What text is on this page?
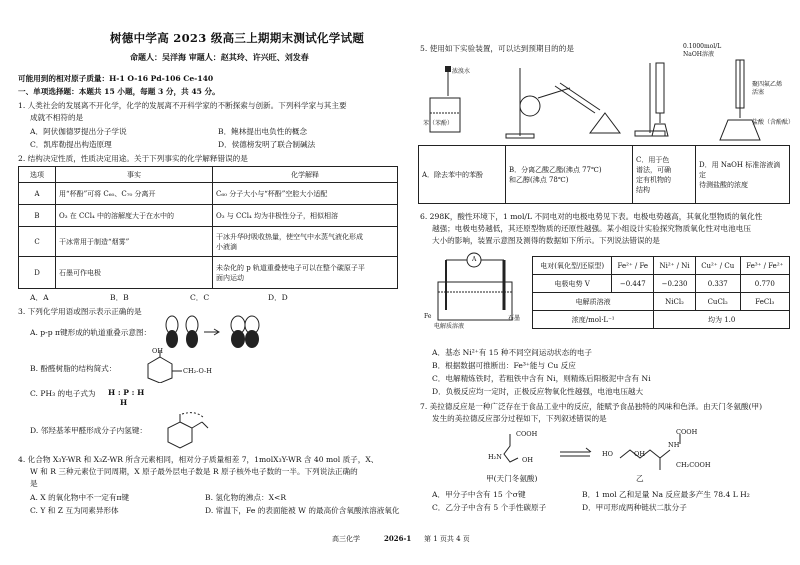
树德中学高 2023 级高三上期期末测试化学试题
命题人：吴洋海 审题人：赵其玲、许兴旺、刘发春
可能用到的相对原子质量：H-1 O-16 Pd-106 Ce-140
一、单项选择题：本题共 15 小题，每题 3 分，共 45 分。
1. 人类社会的发展离不开化学，化学的发展离不开科学家的不断探索与创新。下列科学家与其主要
成就不相符的是
A．阿伏伽德罗提出分子学说	B．鲍林提出电负性的概念
C．凯库勒提出构造原理	D．侯德榜发明了联合制碱法
2. 结构决定性质，性质决定用途。关于下列事实的化学解释错误的是
选项	事实	化学解释
A	用“杯酚”可将 C₆₀、C₇₀ 分离开	C₆₀ 分子大小与“杯酚”空腔大小适配
B	O₃ 在 CCl₄ 中的溶解度大于在水中的	O₃ 与 CCl₄ 均为非极性分子，相似相溶
C	干冰常用于制造“烟雾”	干冰升华时吸收热量，使空气中水蒸气液化形成
小液滴
D	石墨可作电极	未杂化的 p 轨道重叠使电子可以在整个碳原子平
面内运动
A．A	B．B	C．C	D．D
3. 下列化学用语或图示表示正确的是
A. p-p π键形成的轨道重叠示意图：
B. 酚醛树脂的结构简式：
OH
CH₂-O-H
C. PH₃ 的电子式为 H : P : H
H
D. 邻羟基苯甲醛形成分子内氢键：
4. 化合物 X₃Y-WR 和 X₃Z-WR 所含元素相同，相对分子质量相差 7，1molX₃Y-WR 含 40 mol 质子，X、
W 和 R 三种元素位于同周期，X 原子最外层电子数是 R 原子核外电子数的一半。下列说法正确的
是
A. X 的氧化物中不一定有π键	B. 氢化物的沸点：X<R
C. Y 和 Z 互为同素异形体	D. 常温下，Fe 的表面能被 W 的最高价含氧酸浓溶液氧化
5. 使用如下实验装置，可以达到预期目的的是
苯（苯酚）
浓溴水
0.1000mol/L
NaOH溶液
聚四氟乙烯
活塞
盐酸（含酚酞）
A．除去苯中的苯酚	B．分离乙酸乙酯(沸点 77℃)
和乙醇(沸点 78℃)	C．用于色
谱法，可确
定有机物的
结构	D．用 NaOH 标准溶液滴定
待测盐酸的浓度
6. 298K，酸性环境下，1 mol/L 不同电对的电极电势见下表。电极电势越高，其氧化型物质的氧化性
越强；电极电势越低，其还原型物质的还原性越强。某小组设计实验探究物质氧化性对电池电压
大小的影响，装置示意图及测得的数据如下所示。下列说法错误的是
A
Fe
电解质溶液
石墨
电对(氧化型/还原型)	Fe²⁺ / Fe	Ni²⁺ / Ni	Cu²⁺ / Cu	Fe³⁺ / Fe²⁺
电极电势 V	−0.447	−0.230	0.337	0.770
电解质溶液		NiCl₂	CuCl₂	FeCl₃
浓度/mol·L⁻¹		均为 1.0		
A．基态 Ni²⁺有 15 种不同空间运动状态的电子
B．根据数据可推断出：Fe³⁺能与 Cu 反应
C．电解精炼铁时，若粗铁中含有 Ni，则精炼后阳极泥中含有 Ni
D．负极反应均一定时，正极反应物氧化性越强，电池电压越大
7. 美拉德反应是一种广泛存在于食品工业中的反应，能赋予食品独特的风味和色泽。由天门冬氨酸(甲)
发生的美拉德反应部分过程如下，下列叙述错误的是
COOH
H₂N	OH
OH
HO
NH
COOH
CH₂COOH
甲(天门冬氨酸)	乙
A．甲分子中含有 15 个σ键	B．1 mol 乙和足量 Na 反应最多产生 78.4 L H₂
C．乙分子中含有 5 个手性碳原子	D．甲可形成两种链状二肽分子
高三化学	2026-1 第 1 页共 4 页
